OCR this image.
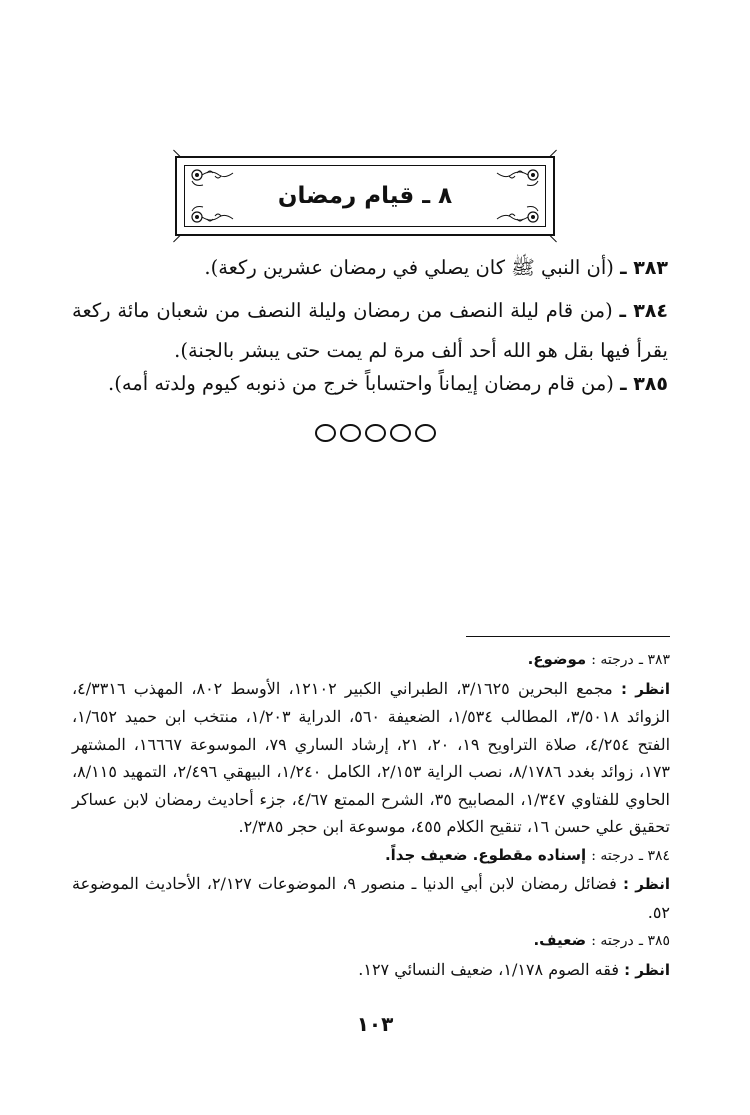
٨ ـ قيام رمضان
٣٨٣ ـ (أن النبي ﷺ كان يصلي في رمضان عشرين ركعة).
٣٨٤ ـ (من قام ليلة النصف من رمضان وليلة النصف من شعبان مائة ركعة يقرأ فيها بقل هو الله أحد ألف مرة لم يمت حتى يبشر بالجنة).
٣٨٥ ـ (من قام رمضان إيماناً واحتساباً خرج من ذنوبه كيوم ولدته أمه).

٣٨٣ ـ درجته : موضوع.

انظر : مجمع البحرين ٣/١٦٢٥، الطبراني الكبير ١٢١٠٢، الأوسط ٨٠٢، المهذب ٤/٣٣١٦، الزوائد ٣/٥٠١٨، المطالب ١/٥٣٤، الضعيفة ٥٦٠، الدراية ١/٢٠٣، منتخب ابن حميد ١/٦٥٢، الفتح ٤/٢٥٤، صلاة التراويح ١٩، ٢٠، ٢١، إرشاد الساري ٧٩، الموسوعة ١٦٦٦٧، المشتهر ١٧٣، زوائد بغدد ٨/١٧٨٦، نصب الراية ٢/١٥٣، الكامل ١/٢٤٠، البيهقي ٢/٤٩٦، التمهيد ٨/١١٥، الحاوي للفتاوي ١/٣٤٧، المصابيح ٣٥، الشرح الممتع ٤/٦٧، جزء أحاديث رمضان لابن عساكر تحقيق علي حسن ١٦، تنقيح الكلام ٤٥٥، موسوعة ابن حجر ٢/٣٨٥.

٣٨٤ ـ درجته : إسناده مقطوع. ضعيف جداً.

انظر : فضائل رمضان لابن أبي الدنيا ـ منصور ٩، الموضوعات ٢/١٢٧، الأحاديث الموضوعة ٥٢.

٣٨٥ ـ درجته : ضعيف.

انظر : فقه الصوم ١/١٧٨، ضعيف النسائي ١٢٧.

١٠٣
